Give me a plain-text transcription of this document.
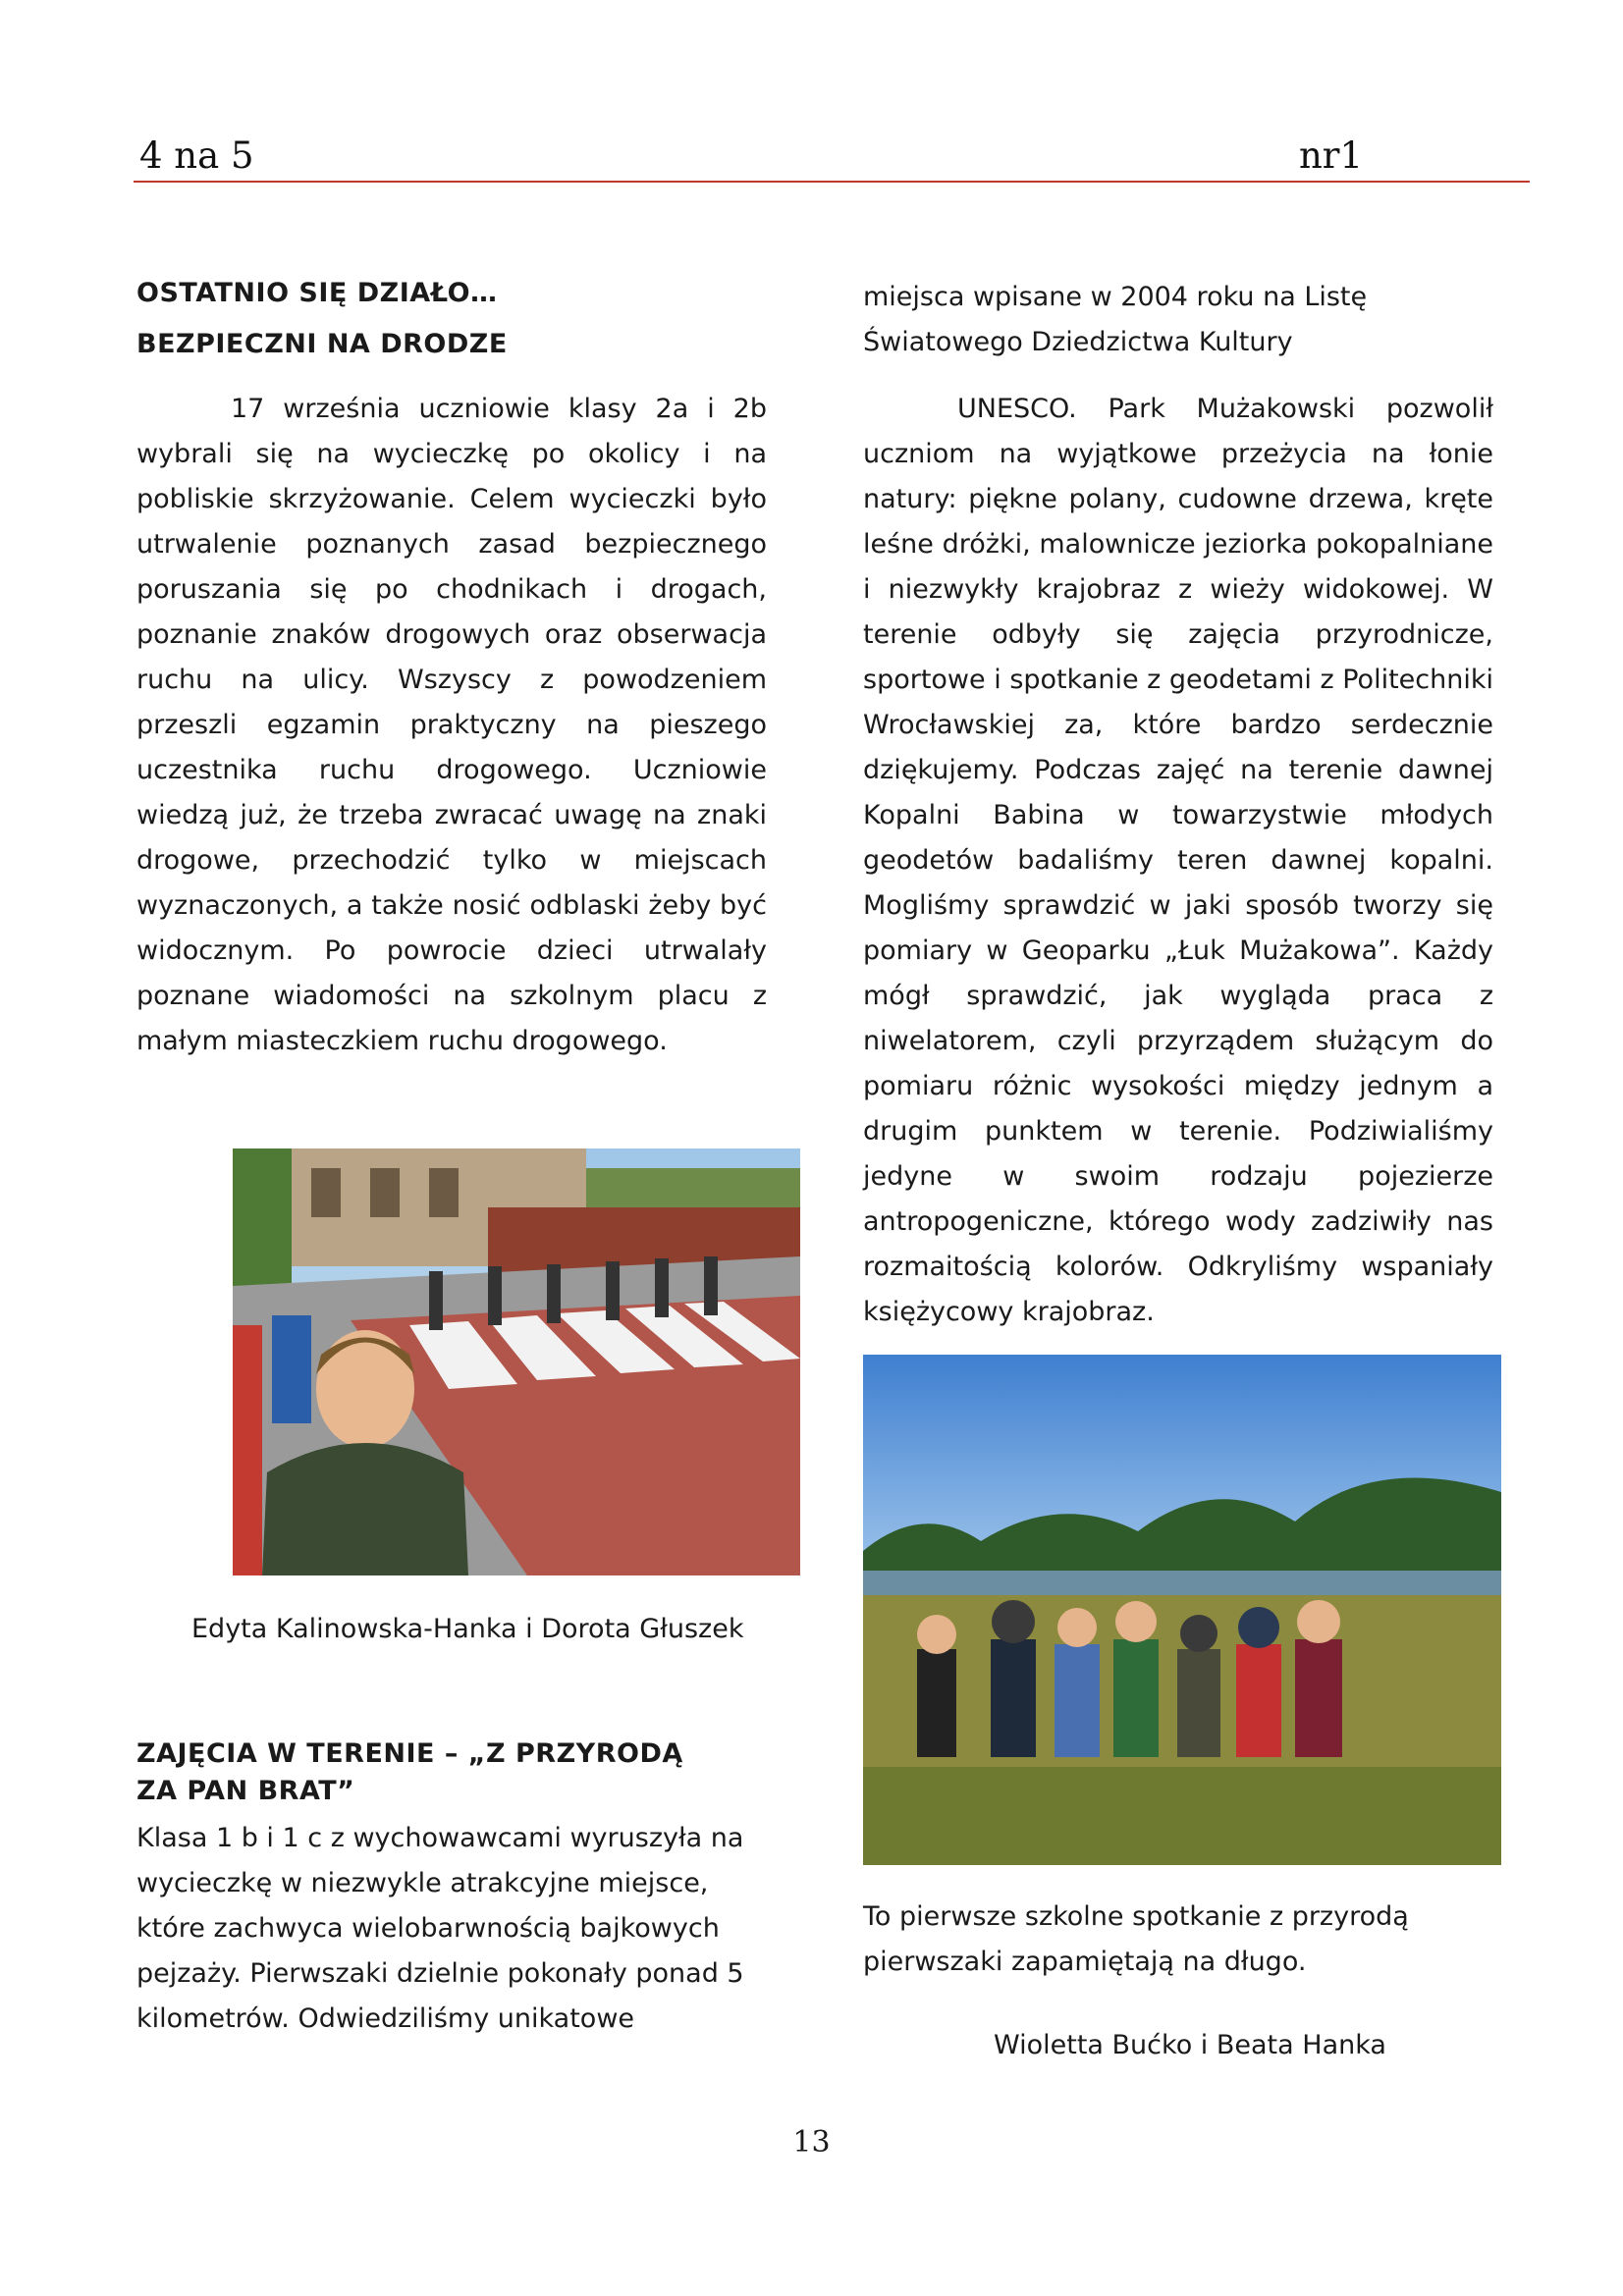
4 na 5	nr1

OSTATNIO SIĘ DZIAŁO…

BEZPIECZNI NA DRODZE

17 września uczniowie klasy 2a i 2b wybrali się na wycieczkę po okolicy i na pobliskie skrzyżowanie. Celem wycieczki było utrwalenie poznanych zasad bezpiecznego poruszania się po chodnikach i drogach, poznanie znaków drogowych oraz obserwacja ruchu na ulicy. Wszyscy z powodzeniem przeszli egzamin praktyczny na pieszego uczestnika ruchu drogowego. Uczniowie wiedzą już, że trzeba zwracać uwagę na znaki drogowe, przechodzić tylko w miejscach wyznaczonych, a także nosić odblaski żeby być widocznym. Po powrocie dzieci utrwalały poznane wiadomości na szkolnym placu z małym miasteczkiem ruchu drogowego.

Edyta Kalinowska-Hanka i Dorota Głuszek

ZAJĘCIA W TERENIE – „Z PRZYRODĄ

ZA PAN BRAT”

Klasa 1 b i 1 c z wychowawcami wyruszyła na wycieczkę w niezwykle atrakcyjne miejsce, które zachwyca wielobarwnością bajkowych pejzaży. Pierwszaki dzielnie pokonały ponad 5 kilometrów. Odwiedziliśmy unikatowe

miejsca wpisane w 2004 roku na Listę Światowego Dziedzictwa Kultury

UNESCO. Park Mużakowski pozwolił uczniom na wyjątkowe przeżycia na łonie natury: piękne polany, cudowne drzewa, kręte leśne dróżki, malownicze jeziorka pokopalniane i niezwykły krajobraz z wieży widokowej. W terenie odbyły się zajęcia przyrodnicze, sportowe i spotkanie z geodetami z Politechniki Wrocławskiej za, które bardzo serdecznie dziękujemy. Podczas zajęć na terenie dawnej Kopalni Babina w towarzystwie młodych geodetów badaliśmy teren dawnej kopalni. Mogliśmy sprawdzić w jaki sposób tworzy się pomiary w Geoparku „Łuk Mużakowa”. Każdy mógł sprawdzić, jak wygląda praca z niwelatorem, czyli przyrządem służącym do pomiaru różnic wysokości między jednym a drugim punktem w terenie. Podziwialiśmy jedyne w swoim rodzaju pojezierze antropogeniczne, którego wody zadziwiły nas rozmaitością kolorów. Odkryliśmy wspaniały księżycowy krajobraz.

To pierwsze szkolne spotkanie z przyrodą pierwszaki zapamiętają na długo.
Wioletta Bućko i Beata Hanka
13
